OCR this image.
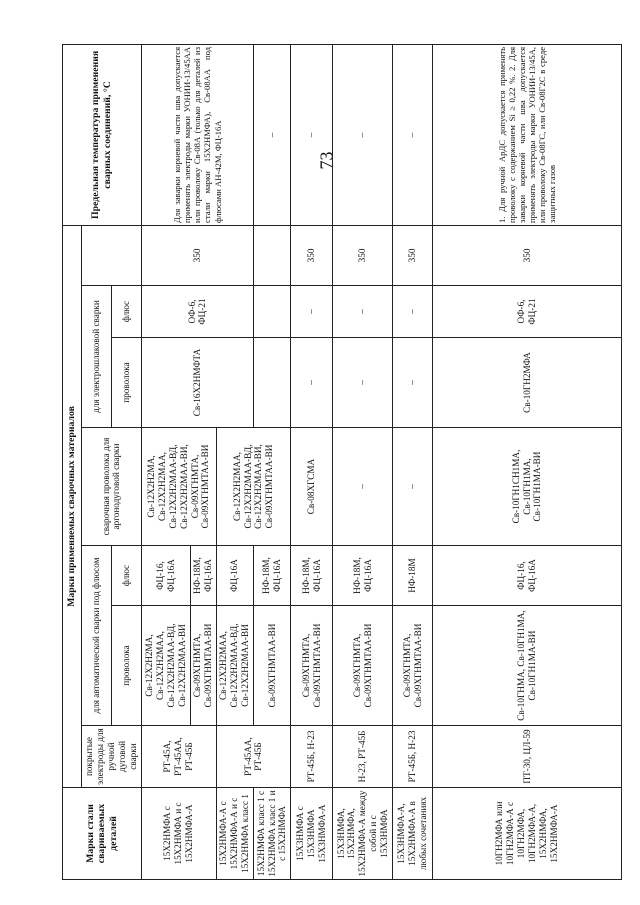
73
Марки стали свариваемых деталей	Марки применяемых сварочных материалов							Предельная температура применения сварных соединений, °C	
	покрытые электроды для ручной дуговой сварки	для автоматической сварки под флюсом		сварочная проволока для аргонодуговой сварки	для электрошлаковой сварки				
		проволока	флюс		проволока	флюс			
15Х2НМФА с 15Х2НМФА и с 15Х2НМФА-А	РТ-45А, РТ-45АА, РТ-45Б	Св-12Х2Н2МА, Св-12Х2Н2МАА, Св-12Х2Н2МАА-ВД, Св-12Х2Н2МАА-ВИ	ФЦ-16, ФЦ-16А	Св-12Х2Н2МА, Св-12Х2Н2МАА, Св-12Х2Н2МАА-ВД, Св-12Х2Н2МАА-ВИ, Св-09ХГНМТА, Св-09ХГНМТАА-ВИ	Св-16Х2НМФТА	ОФ-6, ФЦ-21	350	Для заварки корневой части шва допускается применять электроды марки УОНИИ-13/45АА или проволоку Св-08А (только для деталей из стали марки 15Х2НМФА), Св-08АА под флюсами АН-42М, ФЦ-16А	
		Св-09ХГНМТА, Св-09ХГНМТАА-ВИ	НФ-18М, ФЦ-16А						
15Х2НМФА-А с 15Х2НМФА-А и с 15Х2НМФА класс 1	РТ-45АА, РТ-45Б	Св-12Х2Н2МАА, Св-12Х2Н2МАА-ВД, Св-12Х2Н2МАА-ВИ	ФЦ-16А	Св-12Х2Н2МАА, Св-12Х2Н2МАА-ВД, Св-12Х2Н2МАА-ВИ, Св-09ХГНМТАА-ВИ					
15Х2НМФА класс 1 с 15Х2НМФА класс 1 и с 15Х2НМФА		Св-09ХГНМТАА-ВИ	НФ-18М, ФЦ-16А					–	
15Х3НМФА с 15Х3НМФА 15Х3НМФА-А	РТ-45Б, Н-23	Св-09ХГНМТА, Св-09ХГНМТАА-ВИ	НФ-18М, ФЦ-16А	Св-08ХГСМА	–	–	350	–	
15Х3НМФА, 15Х2НМФА, 15Х2НМФА-А между собой и с 15Х3НМФА	Н-23, РТ-45Б	Св-09ХГНМТА, Св-09ХГНМТАА-ВИ	НФ-18М, ФЦ-16А	–	–	–	350	–	
15Х3НМФА-А, 15Х2НМФА-А в любых сочетаниях	РТ-45Б, Н-23	Св-09ХГНМТА, Св-09ХГНМТАА-ВИ	НФ-18М	–	–	–	350	–	
10ГН2МФА или 10ГН2МФА-А с 10ГН2МФА, 10ГН2МФА-А, 15Х2НМФА, 15Х2НМФА-А	ПТ-30, ЦЛ-59	Св-10ГНМА, Св-10ГН1МА, Св-10ГН1МА-ВИ	ФЦ-16, ФЦ-16А	Св-10ГН1СН1МА, Св-10ГН1МА, Св-10ГН1МА-ВИ	Св-10ГН2МФА	ОФ-6, ФЦ-21	350	1. Для ручной АрДС допускается применять проволоку с содержанием Si ≥ 0,22 %. 2. Для заварки корневой части шва допускается применять электроды марки УОНИИ-13/45А, или проволоку Св-08ГС, или Св-08Г2С в среде защитных газов	
